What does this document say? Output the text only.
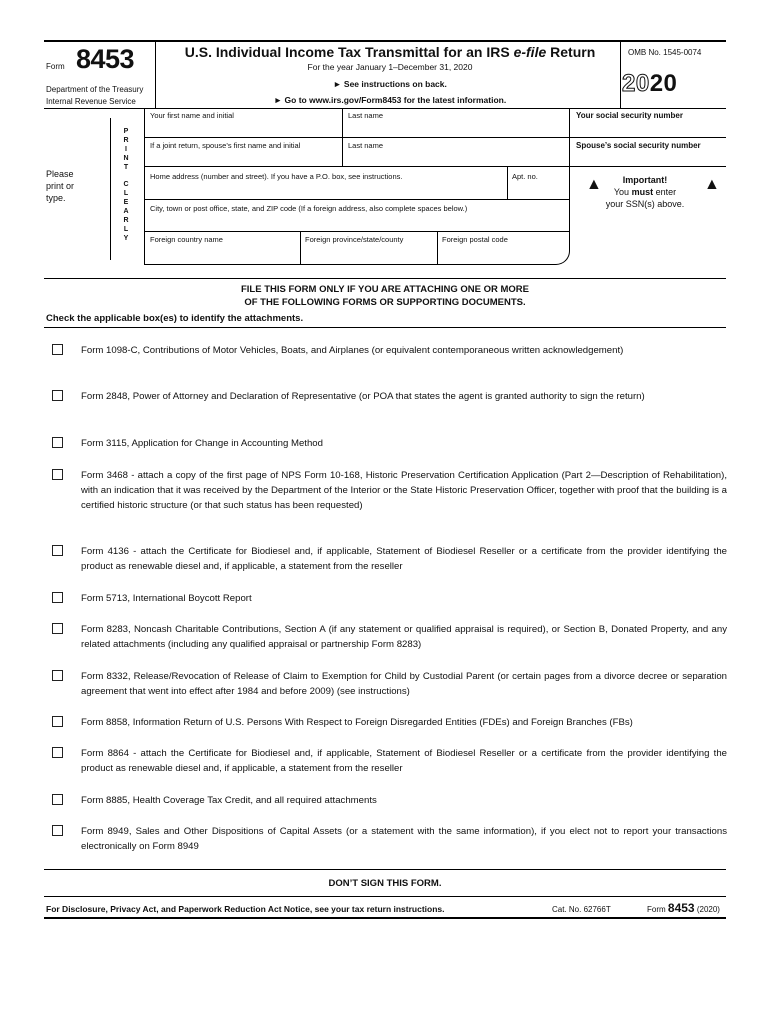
Form 8453
Department of the Treasury
Internal Revenue Service
U.S. Individual Income Tax Transmittal for an IRS e-file Return
For the year January 1–December 31, 2020
► See instructions on back.
► Go to www.irs.gov/Form8453 for the latest information.
OMB No. 1545-0074
2020
Please
print or
type.
P
R
I
N
T
C
L
E
A
R
L
Y
Your first name and initial	Last name	Your social security number
If a joint return, spouse’s first name and initial	Last name	Spouse’s social security number
Home address (number and street). If you have a P.O. box, see instructions.	Apt. no.
City, town or post office, state, and ZIP code (If a foreign address, also complete spaces below.)
Foreign country name	Foreign province/state/county	Foreign postal code
▲	▲
Important!
You must enter
your SSN(s) above.
FILE THIS FORM ONLY IF YOU ARE ATTACHING ONE OR MORE
OF THE FOLLOWING FORMS OR SUPPORTING DOCUMENTS.
Check the applicable box(es) to identify the attachments.
Form 1098-C, Contributions of Motor Vehicles, Boats, and Airplanes (or equivalent contemporaneous written acknowledgement)
Form 2848, Power of Attorney and Declaration of Representative (or POA that states the agent is granted authority to sign the return)
Form 3115, Application for Change in Accounting Method
Form 3468 - attach a copy of the first page of NPS Form 10-168, Historic Preservation Certification Application (Part 2—Description of Rehabilitation), with an indication that it was received by the Department of the Interior or the State Historic Preservation Officer, together with proof that the building is a certified historic structure (or that such status has been requested)
Form 4136 - attach the Certificate for Biodiesel and, if applicable, Statement of Biodiesel Reseller or a certificate from the provider identifying the product as renewable diesel and, if applicable, a statement from the reseller
Form 5713, International Boycott Report
Form 8283, Noncash Charitable Contributions, Section A (if any statement or qualified appraisal is required), or Section B, Donated Property, and any related attachments (including any qualified appraisal or partnership Form 8283)
Form 8332, Release/Revocation of Release of Claim to Exemption for Child by Custodial Parent (or certain pages from a divorce decree or separation agreement that went into effect after 1984 and before 2009) (see instructions)
Form 8858, Information Return of U.S. Persons With Respect to Foreign Disregarded Entities (FDEs) and Foreign Branches (FBs)
Form 8864 - attach the Certificate for Biodiesel and, if applicable, Statement of Biodiesel Reseller or a certificate from the provider identifying the product as renewable diesel and, if applicable, a statement from the reseller
Form 8885, Health Coverage Tax Credit, and all required attachments
Form 8949, Sales and Other Dispositions of Capital Assets (or a statement with the same information), if you elect not to report your transactions electronically on Form 8949
DON’T SIGN THIS FORM.
For Disclosure, Privacy Act, and Paperwork Reduction Act Notice, see your tax return instructions.	Cat. No. 62766T	Form 8453 (2020)
